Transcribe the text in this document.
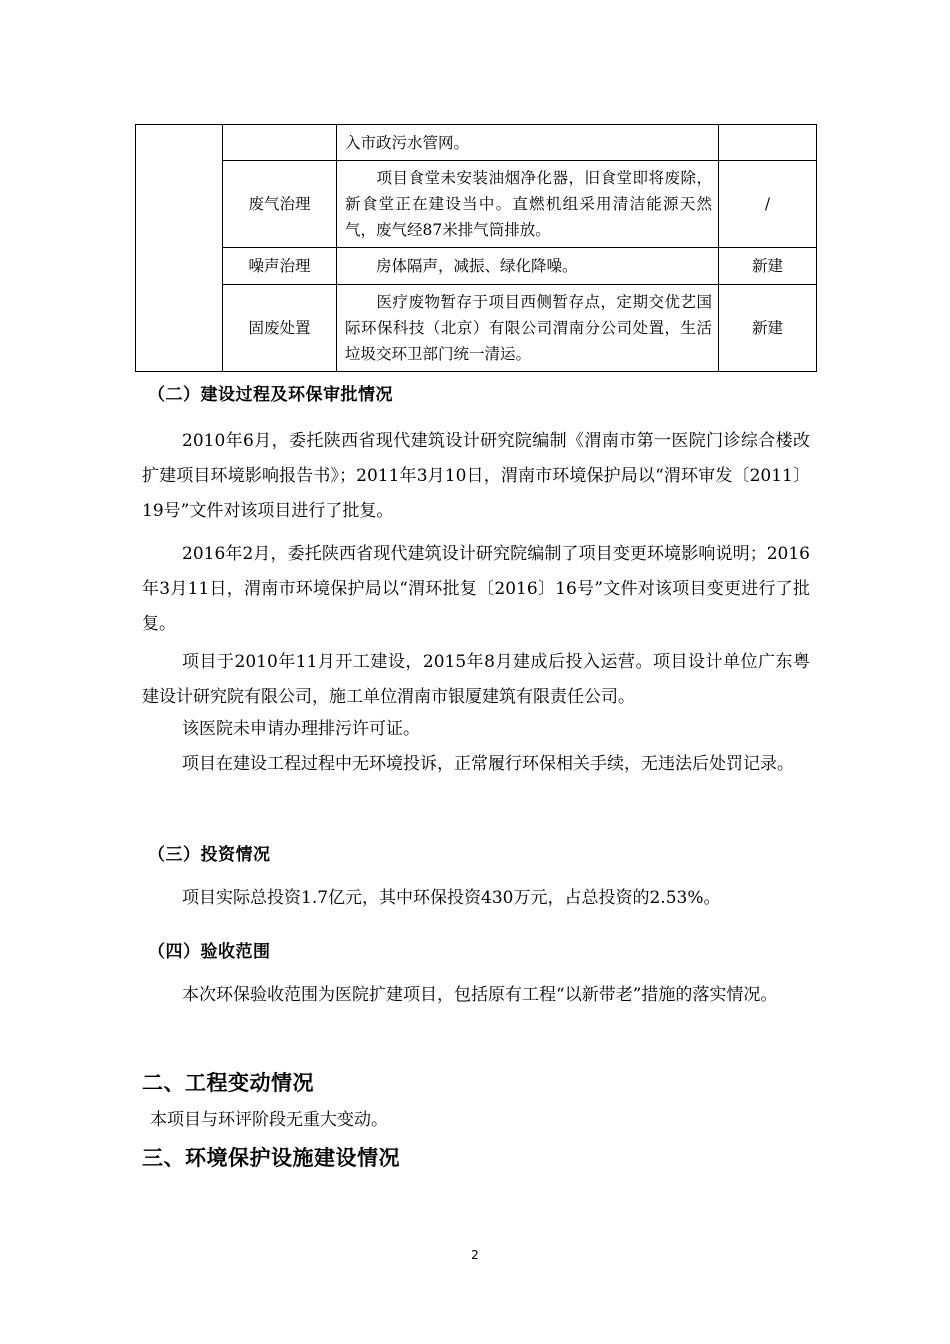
		入市政污水管网。	
	废气治理	项目食堂未安装油烟净化器，旧食堂即将废除，新食堂正在建设当中。直燃机组采用清洁能源天然气，废气经87米排气筒排放。	/
	噪声治理	房体隔声，减振、绿化降噪。	新建
	固废处置	医疗废物暂存于项目西侧暂存点，定期交优艺国际环保科技（北京）有限公司渭南分公司处置，生活垃圾交环卫部门统一清运。	新建
（二）建设过程及环保审批情况
2010年6月，委托陕西省现代建筑设计研究院编制《渭南市第一医院门诊综合楼改扩建项目环境影响报告书》；2011年3月10日，渭南市环境保护局以“渭环审发〔2011〕19号”文件对该项目进行了批复。
2016年2月，委托陕西省现代建筑设计研究院编制了项目变更环境影响说明；2016年3月11日，渭南市环境保护局以“渭环批复〔2016〕16号”文件对该项目变更进行了批复。
项目于2010年11月开工建设，2015年8月建成后投入运营。项目设计单位广东粤建设计研究院有限公司，施工单位渭南市银厦建筑有限责任公司。
该医院未申请办理排污许可证。
项目在建设工程过程中无环境投诉，正常履行环保相关手续，无违法后处罚记录。
（三）投资情况
项目实际总投资1.7亿元，其中环保投资430万元，占总投资的2.53%。
（四）验收范围
本次环保验收范围为医院扩建项目，包括原有工程“以新带老”措施的落实情况。
二、工程变动情况
本项目与环评阶段无重大变动。
三、环境保护设施建设情况
2
